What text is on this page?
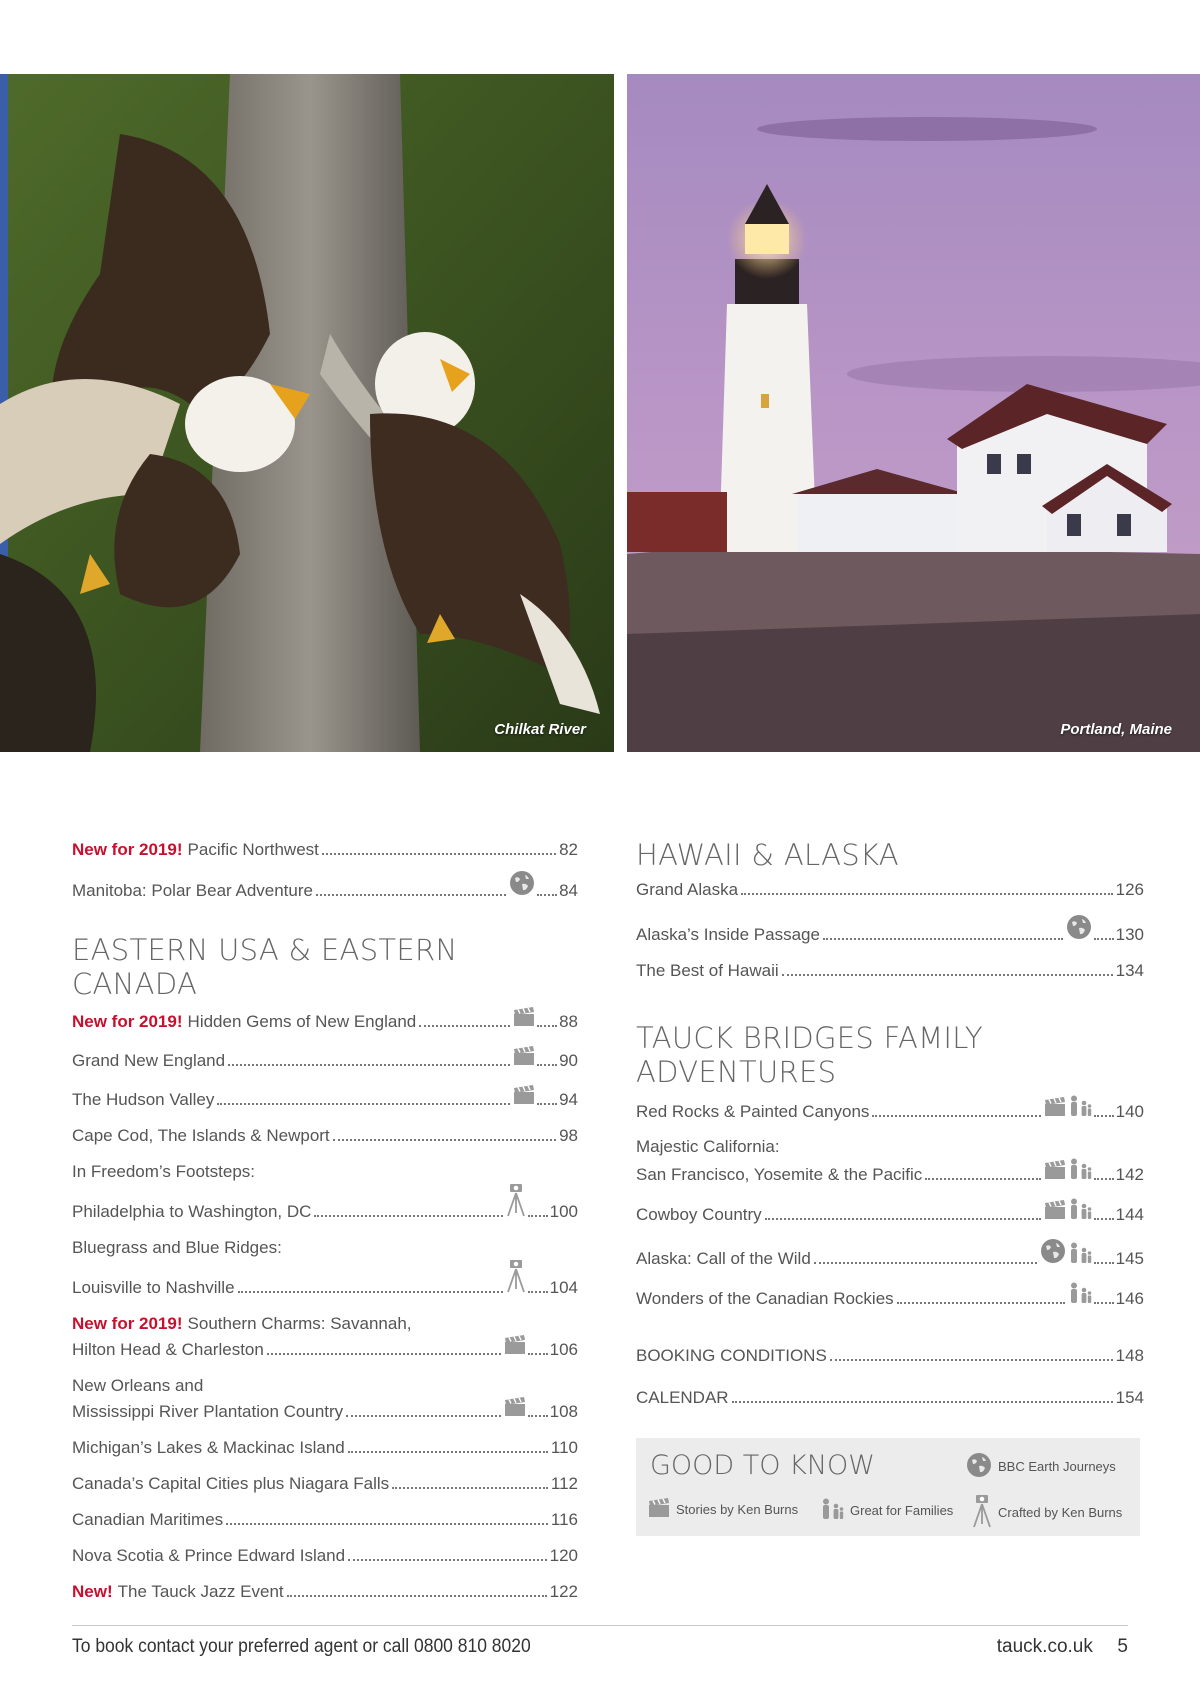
Chilkat River	Portland, Maine
New for 2019! Pacific Northwest	82
Manitoba: Polar Bear Adventure	84
EASTERN USA & EASTERN CANADA
New for 2019! Hidden Gems of New England	88
Grand New England	90
The Hudson Valley	94
Cape Cod, The Islands & Newport	98
In Freedom’s Footsteps:
Philadelphia to Washington, DC	100
Bluegrass and Blue Ridges:
Louisville to Nashville	104
New for 2019! Southern Charms: Savannah,
Hilton Head & Charleston	106
New Orleans and
Mississippi River Plantation Country	108
Michigan’s Lakes & Mackinac Island	110
Canada’s Capital Cities plus Niagara Falls	112
Canadian Maritimes	116
Nova Scotia & Prince Edward Island	120
New! The Tauck Jazz Event	122
HAWAII & ALASKA
Grand Alaska	126
Alaska’s Inside Passage	130
The Best of Hawaii	134
TAUCK BRIDGES FAMILY ADVENTURES
Red Rocks & Painted Canyons	140
Majestic California:
San Francisco, Yosemite & the Pacific	142
Cowboy Country	144
Alaska: Call of the Wild	145
Wonders of the Canadian Rockies	146
BOOKING CONDITIONS	148
CALENDAR	154
GOOD TO KNOW	BBC Earth Journeys
Stories by Ken Burns	Great for Families	Crafted by Ken Burns
To book contact your preferred agent or call 0800 810 8020	tauck.co.uk 5
